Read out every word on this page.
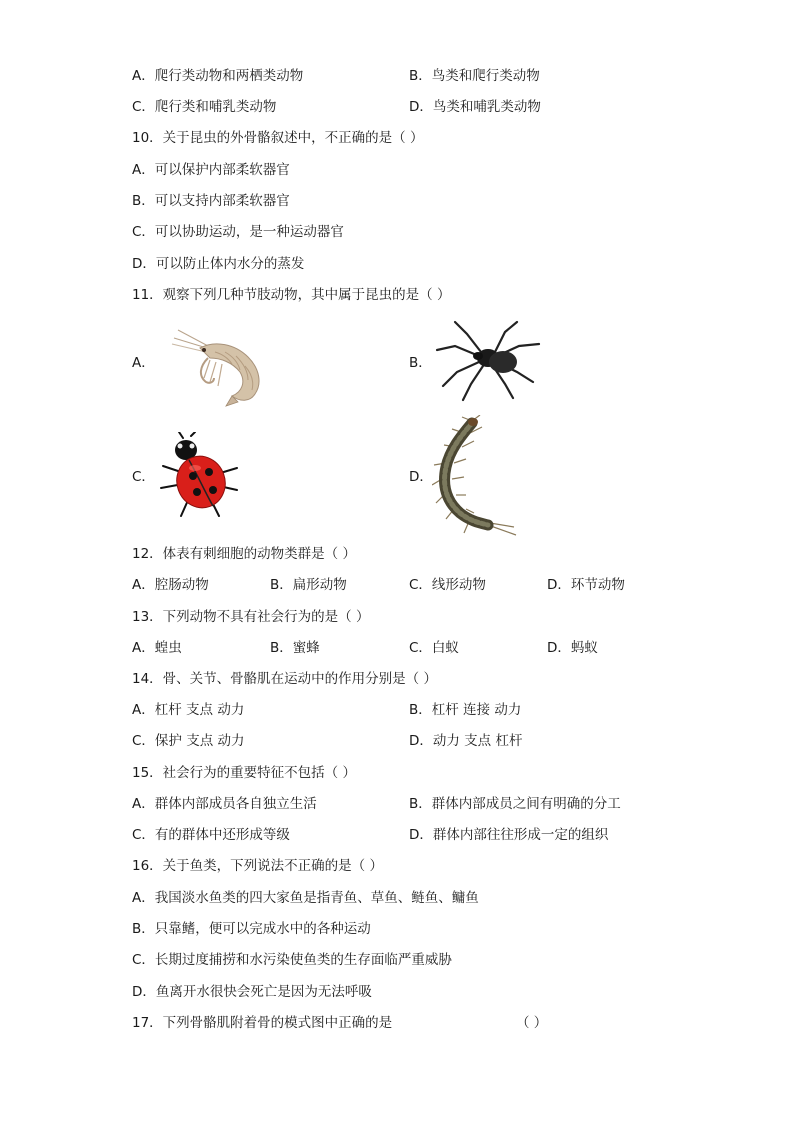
A．爬行类动物和两栖类动物	B．鸟类和爬行类动物
C．爬行类和哺乳类动物	D．鸟类和哺乳类动物
10．关于昆虫的外骨骼叙述中，不正确的是（ ）
A．可以保护内部柔软器官
B．可以支持内部柔软器官
C．可以协助运动，是一种运动器官
D．可以防止体内水分的蒸发
11．观察下列几种节肢动物，其中属于昆虫的是（ ）
A．	B．
C．	D．
12．体表有刺细胞的动物类群是（ ）
A．腔肠动物	B．扁形动物	C．线形动物	D．环节动物
13．下列动物不具有社会行为的是（ ）
A．蝗虫	B．蜜蜂	C．白蚁	D．蚂蚁
14．骨、关节、骨骼肌在运动中的作用分别是（ ）
A．杠杆 支点 动力	B．杠杆 连接 动力
C．保护 支点 动力	D．动力 支点 杠杆
15．社会行为的重要特征不包括（ ）
A．群体内部成员各自独立生活	B．群体内部成员之间有明确的分工
C．有的群体中还形成等级	D．群体内部往往形成一定的组织
16．关于鱼类，下列说法不正确的是（ ）
A．我国淡水鱼类的四大家鱼是指青鱼、草鱼、鲢鱼、鳙鱼
B．只靠鳍，便可以完成水中的各种运动
C．长期过度捕捞和水污染使鱼类的生存面临严重威胁
D．鱼离开水很快会死亡是因为无法呼吸
17．下列骨骼肌附着骨的模式图中正确的是	（ ）
